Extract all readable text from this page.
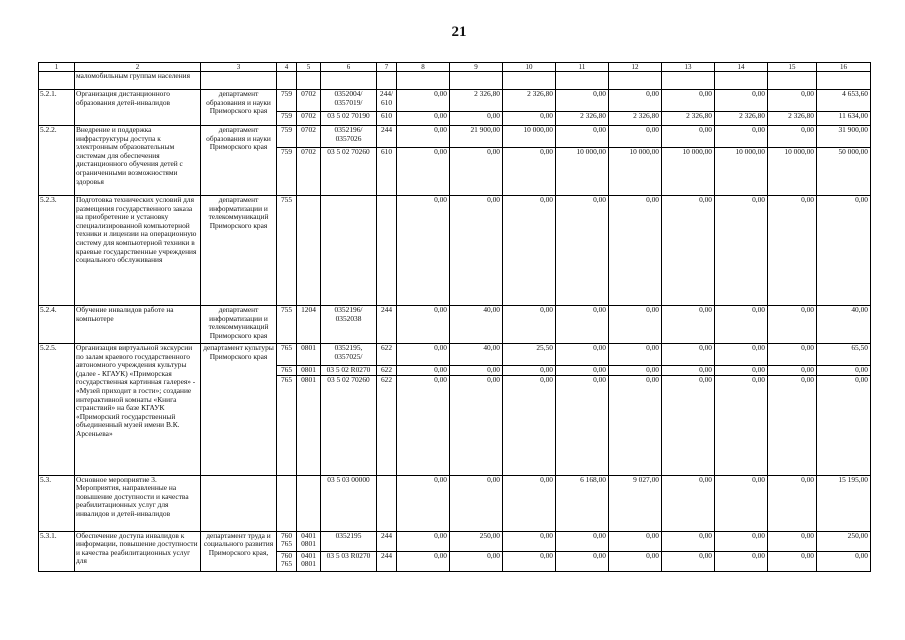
21
1	2	3	4	5	6	7	8	9	10	11	12	13	14	15	16
	маломобильным группам населения														
5.2.1.	Организация дистанционного образования детей-инвалидов	департамент образования и науки Приморского края	759	0702	0352004/ 0357019/	244/ 610	0,00	2 326,80	2 326,80	0,00	0,00	0,00	0,00	0,00	4 653,60
			759	0702	03 5 02 70190	610	0,00	0,00	0,00	2 326,80	2 326,80	2 326,80	2 326,80	2 326,80	11 634,00
5.2.2.	Внедрение и поддержка инфраструктуры доступа к электронным образовательным системам для обеспечения дистанционного обучения детей с ограниченными возможностями здоровья	департамент образования и науки Приморского края	759	0702	0352196/ 0357026	244	0,00	21 900,00	10 000,00	0,00	0,00	0,00	0,00	0,00	31 900,00
			759	0702	03 5 02 70260	610	0,00	0,00	0,00	10 000,00	10 000,00	10 000,00	10 000,00	10 000,00	50 000,00
5.2.3.	Подготовка технических условий для размещения государственного заказа на приобретение и установку специализированной компьютерной техники и лицензии на операционную систему для компьютерной техники в краевые государственные учреждения социального обслуживания	департамент информатизации и телекоммуникаций Приморского края	755				0,00	0,00	0,00	0,00	0,00	0,00	0,00	0,00	0,00
5.2.4.	Обучение инвалидов работе на компьютере	департамент информатизации и телекоммуникаций Приморского края	755	1204	0352196/ 0352038	244	0,00	40,00	0,00	0,00	0,00	0,00	0,00	0,00	40,00
5.2.5.	Организация виртуальной экскурсии по залам краевого государственного автономного учреждения культуры (далее - КГАУК) «Приморская государственная картинная галерея» - «Музей приходит в гости»; создание интерактивной комнаты «Книга странствий» на базе КГАУК «Приморский государственный объединенный музей имени В.К. Арсеньева»	департамент культуры Приморского края	765	0801	0352195, 0357025/	622	0,00	40,00	25,50	0,00	0,00	0,00	0,00	0,00	65,50
			765	0801	03 5 02 R0270	622	0,00	0,00	0,00	0,00	0,00	0,00	0,00	0,00	0,00
			765	0801	03 5 02 70260	622	0,00	0,00	0,00	0,00	0,00	0,00	0,00	0,00	0,00
5.3.	Основное мероприятие 3. Мероприятия, направленные на повышение доступности и качества реабилитационных услуг для инвалидов и детей-инвалидов				03 5 03 00000		0,00	0,00	0,00	6 168,00	9 027,00	0,00	0,00	0,00	15 195,00
5.3.1.	Обеспечение доступа инвалидов к информации, повышение доступности и качества реабилитационных услуг для	департамент труда и социального развития Приморского края,	760 765	0401 0801	0352195	244	0,00	250,00	0,00	0,00	0,00	0,00	0,00	0,00	250,00
			760 765	0401 0801	03 5 03 R0270	244	0,00	0,00	0,00	0,00	0,00	0,00	0,00	0,00	0,00
